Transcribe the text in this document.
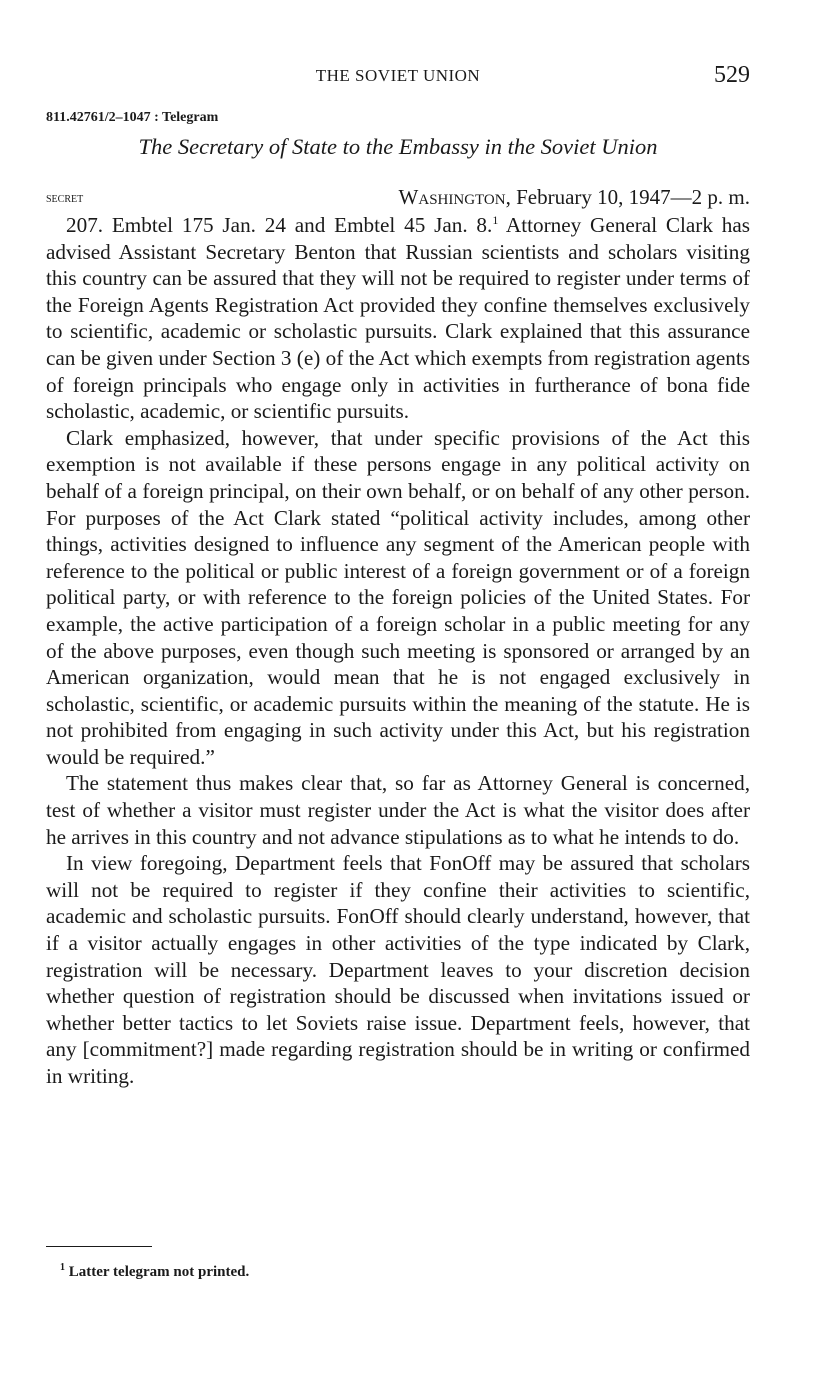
THE SOVIET UNION	529
811.42761/2–1047 : Telegram
The Secretary of State to the Embassy in the Soviet Union
secret	Washington, February 10, 1947—2 p. m.

207. Embtel 175 Jan. 24 and Embtel 45 Jan. 8.$^1$ Attorney General Clark has advised Assistant Secretary Benton that Russian scientists and scholars visiting this country can be assured that they will not be required to register under terms of the Foreign Agents Registration Act provided they confine themselves exclusively to scientific, academic or scholastic pursuits. Clark explained that this assurance can be given under Section 3 (e) of the Act which exempts from registration agents of foreign principals who engage only in activities in furtherance of bona fide scholastic, academic, or scientific pursuits.

Clark emphasized, however, that under specific provisions of the Act this exemption is not available if these persons engage in any political activity on behalf of a foreign principal, on their own behalf, or on behalf of any other person. For purposes of the Act Clark stated “political activity includes, among other things, activities designed to influence any segment of the American people with reference to the political or public interest of a foreign government or of a foreign political party, or with reference to the foreign policies of the United States. For example, the active participation of a foreign scholar in a public meeting for any of the above purposes, even though such meeting is sponsored or arranged by an American organization, would mean that he is not engaged exclusively in scholastic, scientific, or academic pursuits within the meaning of the statute. He is not prohibited from engaging in such activity under this Act, but his registration would be required.”

The statement thus makes clear that, so far as Attorney General is concerned, test of whether a visitor must register under the Act is what the visitor does after he arrives in this country and not advance stipulations as to what he intends to do.

In view foregoing, Department feels that FonOff may be assured that scholars will not be required to register if they confine their activities to scientific, academic and scholastic pursuits. FonOff should clearly understand, however, that if a visitor actually engages in other activities of the type indicated by Clark, registration will be necessary. Department leaves to your discretion decision whether question of registration should be discussed when invitations issued or whether better tactics to let Soviets raise issue. Department feels, however, that any [commitment?] made regarding registration should be in writing or confirmed in writing.

$^1$ Latter telegram not printed.
